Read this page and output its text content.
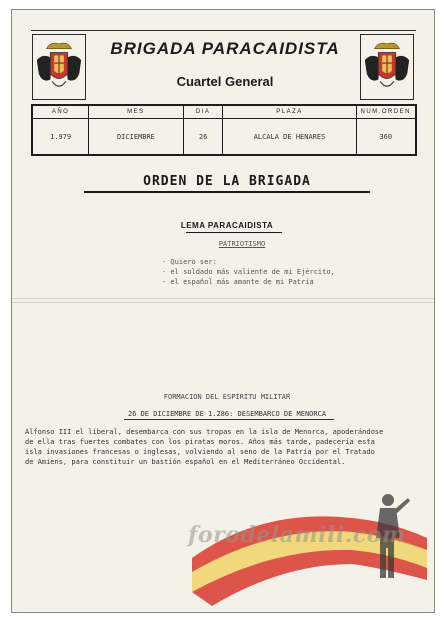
BRIGADA PARACAIDISTA
Cuartel General
AÑO	MES	DIA	PLAZA	NUM.ORDEN
1.979	DICIEMBRE	26	ALCALA DE HENARES	360
ORDEN DE LA BRIGADA
LEMA PARACAIDISTA
PATRIOTISMO
- Quiero ser:
- el soldado más valiente de mi Ejército,
- el español más amante de mi Patria
FORMACION DEL ESPIRITU MILITAR
26 DE DICIEMBRE DE 1.286: DESEMBARCO DE MENORCA
Alfonso III el liberal, desembarca con sus tropas en la isla de Menorca, apoderándose
de ella tras fuertes combates con los piratas moros. Años más tarde, padecería esta
isla invasiones francesas o inglesas, volviendo al seno de la Patria por el Tratado
de Amiens, para constituir un bastión español en el Mediterráneo Occidental.
forodelamili.com
